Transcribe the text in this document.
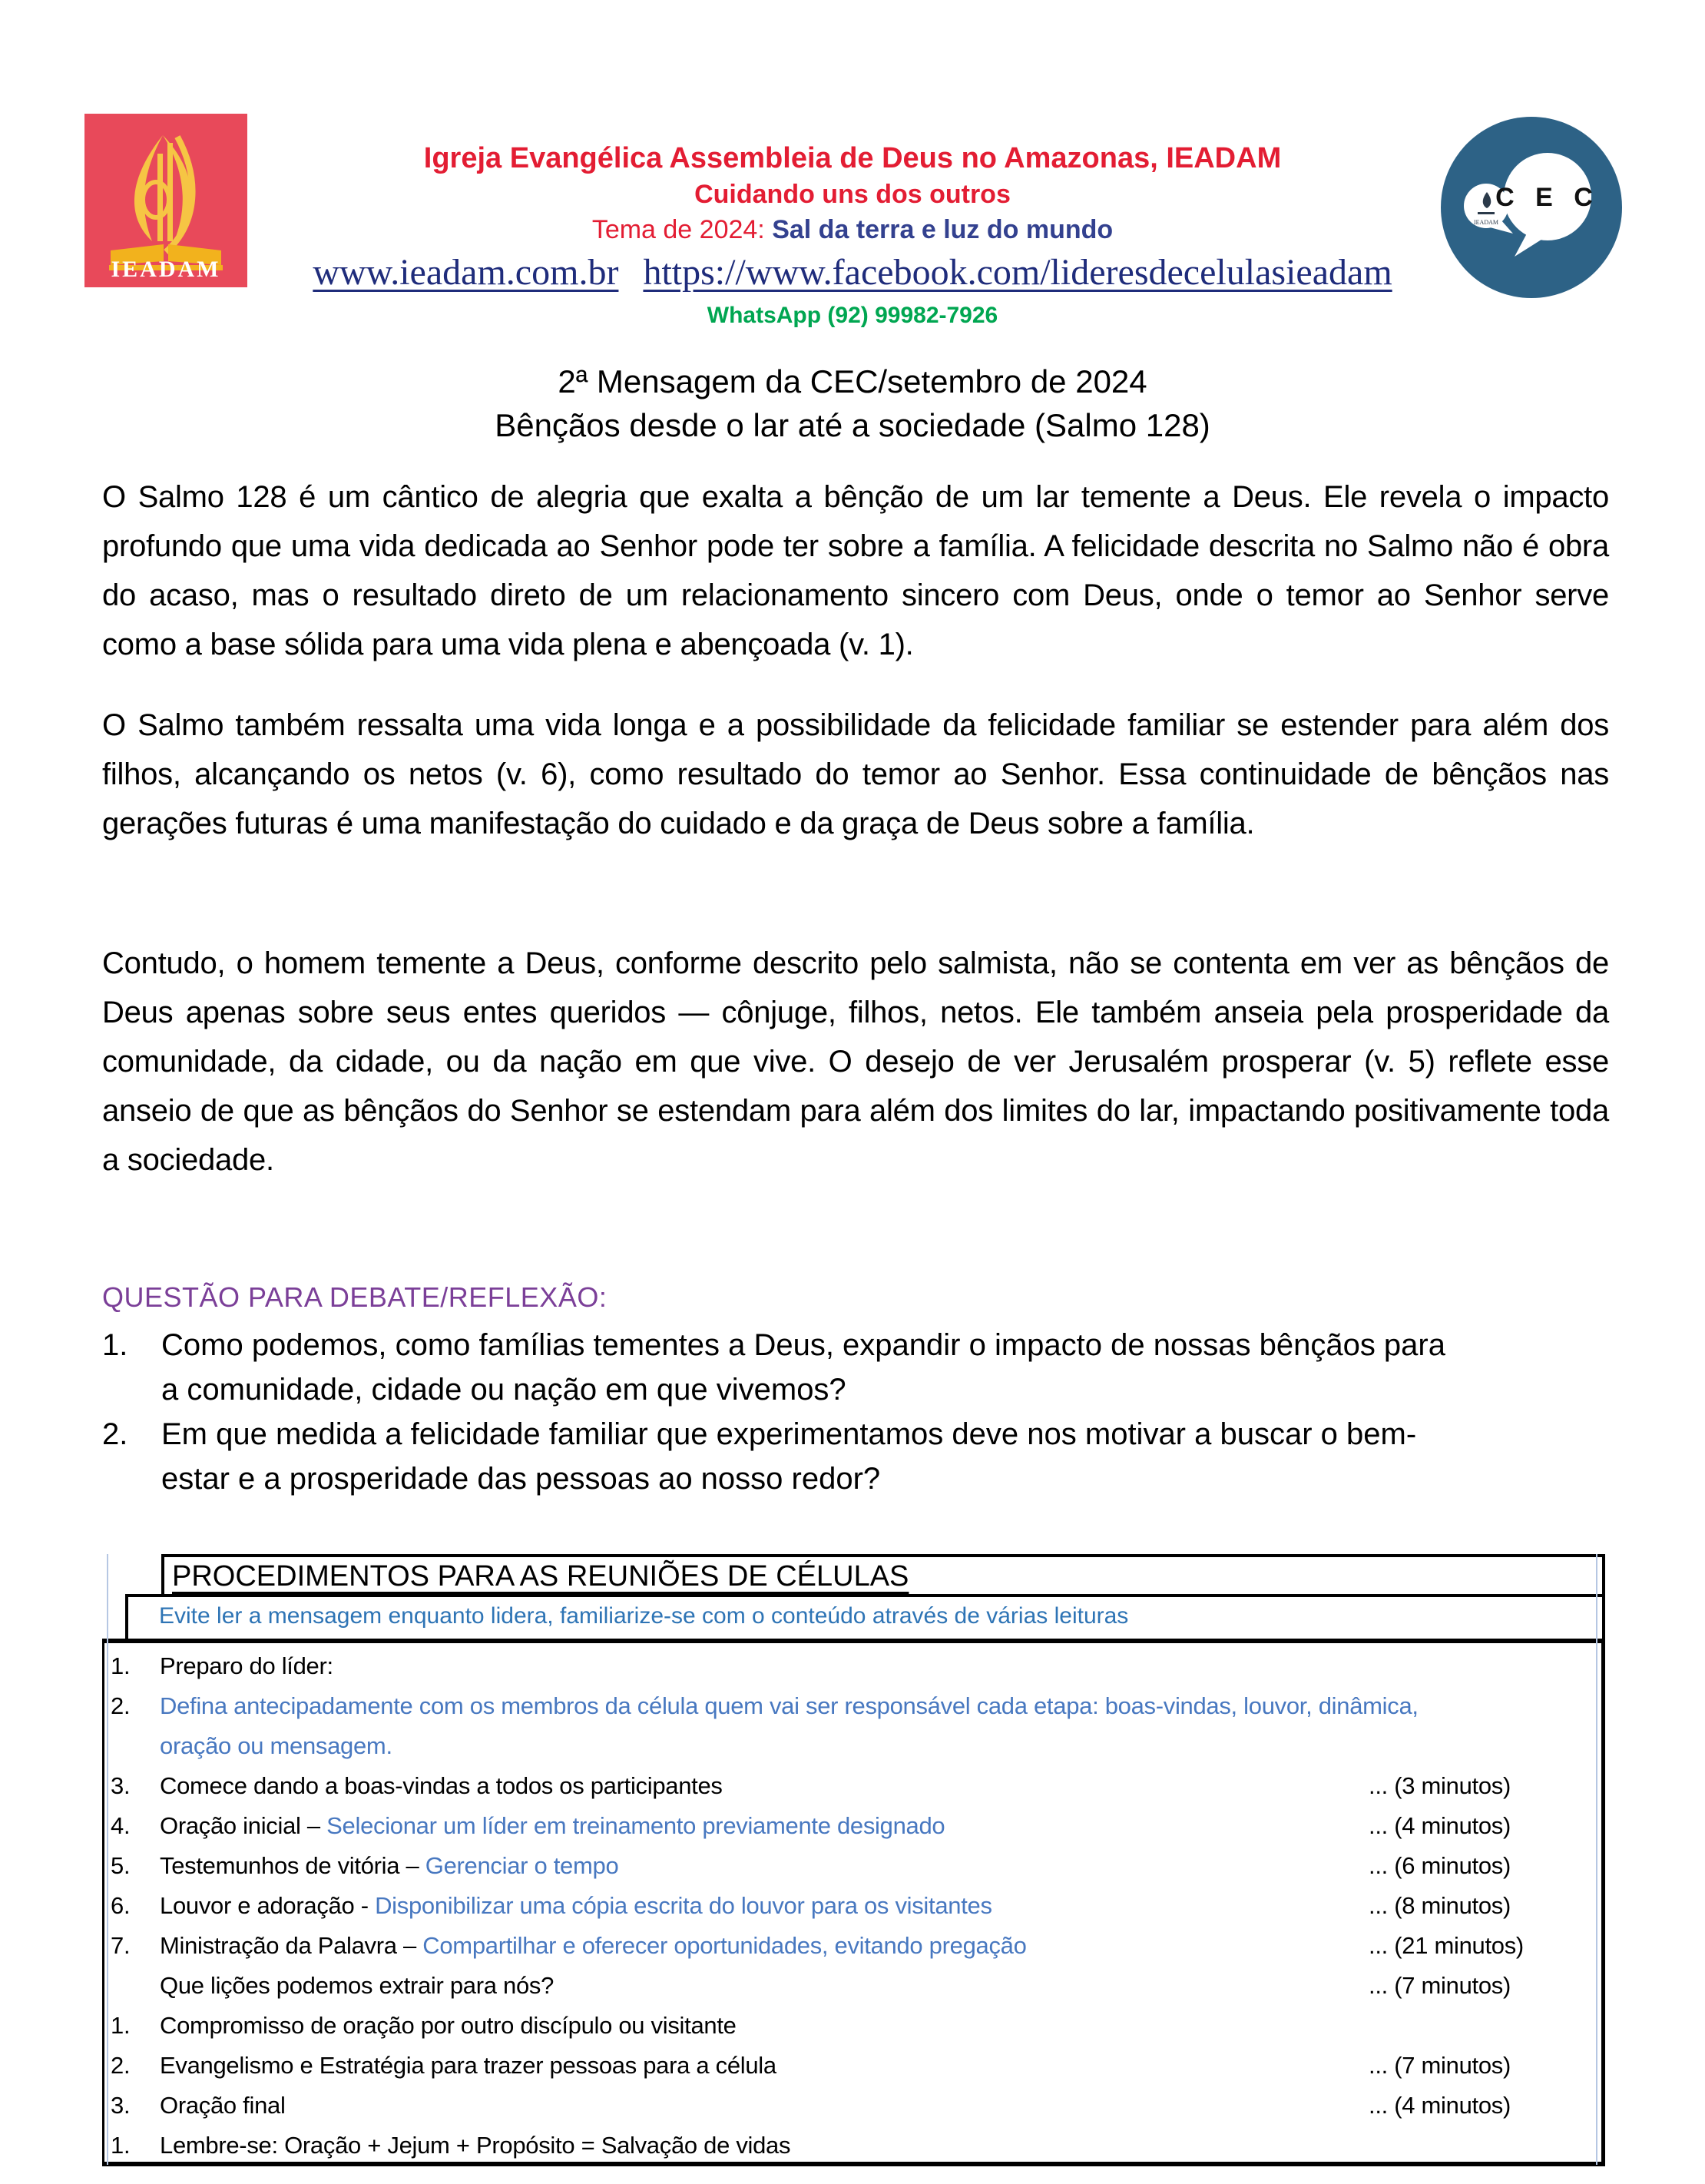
IEADAM
C E C
IEADAM
Igreja Evangélica Assembleia de Deus no Amazonas, IEADAM
Cuidando uns dos outros
Tema de 2024: Sal da terra e luz do mundo
www.ieadam.com.br https://www.facebook.com/lideresdecelulasieadam
WhatsApp (92) 99982-7926
2ª Mensagem da CEC/setembro de 2024
Bênçãos desde o lar até a sociedade (Salmo 128)
O Salmo 128 é um cântico de alegria que exalta a bênção de um lar temente a Deus. Ele revela o impacto profundo que uma vida dedicada ao Senhor pode ter sobre a família. A felicidade descrita no Salmo não é obra do acaso, mas o resultado direto de um relacionamento sincero com Deus, onde o temor ao Senhor serve como a base sólida para uma vida plena e abençoada (v. 1).
O Salmo também ressalta uma vida longa e a possibilidade da felicidade familiar se estender para além dos filhos, alcançando os netos (v. 6), como resultado do temor ao Senhor. Essa continuidade de bênçãos nas gerações futuras é uma manifestação do cuidado e da graça de Deus sobre a família.
Contudo, o homem temente a Deus, conforme descrito pelo salmista, não se contenta em ver as bênçãos de Deus apenas sobre seus entes queridos — cônjuge, filhos, netos. Ele também anseia pela prosperidade da comunidade, da cidade, ou da nação em que vive. O desejo de ver Jerusalém prosperar (v. 5) reflete esse anseio de que as bênçãos do Senhor se estendam para além dos limites do lar, impactando positivamente toda a sociedade.
QUESTÃO PARA DEBATE/REFLEXÃO:
1. Como podemos, como famílias tementes a Deus, expandir o impacto de nossas bênçãos para
a comunidade, cidade ou nação em que vivemos?
2. Em que medida a felicidade familiar que experimentamos deve nos motivar a buscar o bem-
estar e a prosperidade das pessoas ao nosso redor?
PROCEDIMENTOS PARA AS REUNIÕES DE CÉLULAS
Evite ler a mensagem enquanto lidera, familiarize-se com o conteúdo através de várias leituras
1. Preparo do líder:
2. Defina antecipadamente com os membros da célula quem vai ser responsável cada etapa: boas-vindas, louvor, dinâmica,
oração ou mensagem.
3. Comece dando a boas-vindas a todos os participantes	... (3 minutos)
4. Oração inicial – Selecionar um líder em treinamento previamente designado	... (4 minutos)
5. Testemunhos de vitória – Gerenciar o tempo	... (6 minutos)
6. Louvor e adoração - Disponibilizar uma cópia escrita do louvor para os visitantes	... (8 minutos)
7. Ministração da Palavra – Compartilhar e oferecer oportunidades, evitando pregação	... (21 minutos)
Que lições podemos extrair para nós?	... (7 minutos)
1. Compromisso de oração por outro discípulo ou visitante
2. Evangelismo e Estratégia para trazer pessoas para a célula	... (7 minutos)
3. Oração final	... (4 minutos)
1. Lembre-se: Oração + Jejum + Propósito = Salvação de vidas
